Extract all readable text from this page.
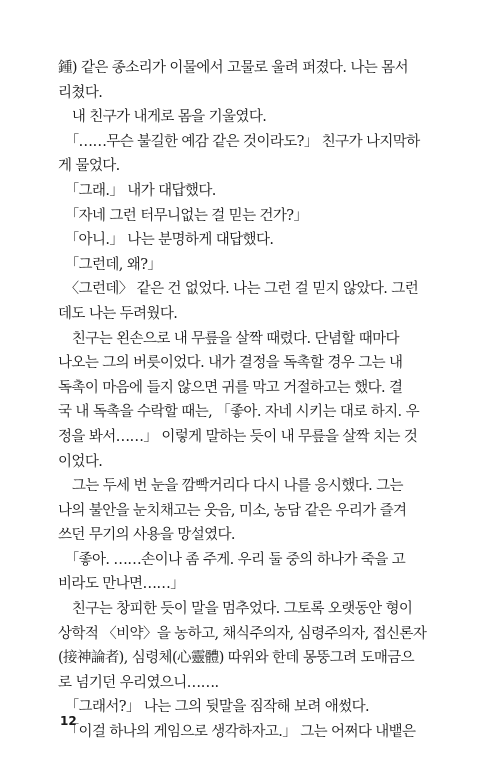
鍾) 같은 종소리가 이물에서 고물로 울려 퍼졌다. 나는 몸서
리쳤다.
　내 친구가 내게로 몸을 기울였다.
　「……무슨 불길한 예감 같은 것이라도?」 친구가 나지막하
게 물었다.
　「그래.」 내가 대답했다.
　「자네 그런 터무니없는 걸 믿는 건가?」
　「아니.」 나는 분명하게 대답했다.
　「그런데, 왜?」
　〈그런데〉 같은 건 없었다. 나는 그런 걸 믿지 않았다. 그런
데도 나는 두려웠다.
　친구는 왼손으로 내 무릎을 살짝 때렸다. 단념할 때마다
나오는 그의 버릇이었다. 내가 결정을 독촉할 경우 그는 내
독촉이 마음에 들지 않으면 귀를 막고 거절하고는 했다. 결
국 내 독촉을 수락할 때는, 「좋아. 자네 시키는 대로 하지. 우
정을 봐서……」 이렇게 말하는 듯이 내 무릎을 살짝 치는 것
이었다.
　그는 두세 번 눈을 깜빡거리다 다시 나를 응시했다. 그는
나의 불안을 눈치채고는 웃음, 미소, 농담 같은 우리가 즐겨
쓰던 무기의 사용을 망설였다.
　「좋아. ……손이나 좀 주게. 우리 둘 중의 하나가 죽을 고
비라도 만나면……」
　친구는 창피한 듯이 말을 멈추었다. 그토록 오랫동안 형이
상학적 〈비약〉을 농하고, 채식주의자, 심령주의자, 접신론자
(接神論者), 심령체(心靈體) 따위와 한데 몽뚱그려 도매금으
로 넘기던 우리였으니…….
　「그래서?」 나는 그의 뒷말을 짐작해 보려 애썼다.
　「이걸 하나의 게임으로 생각하자고.」 그는 어쩌다 내뱉은
12
